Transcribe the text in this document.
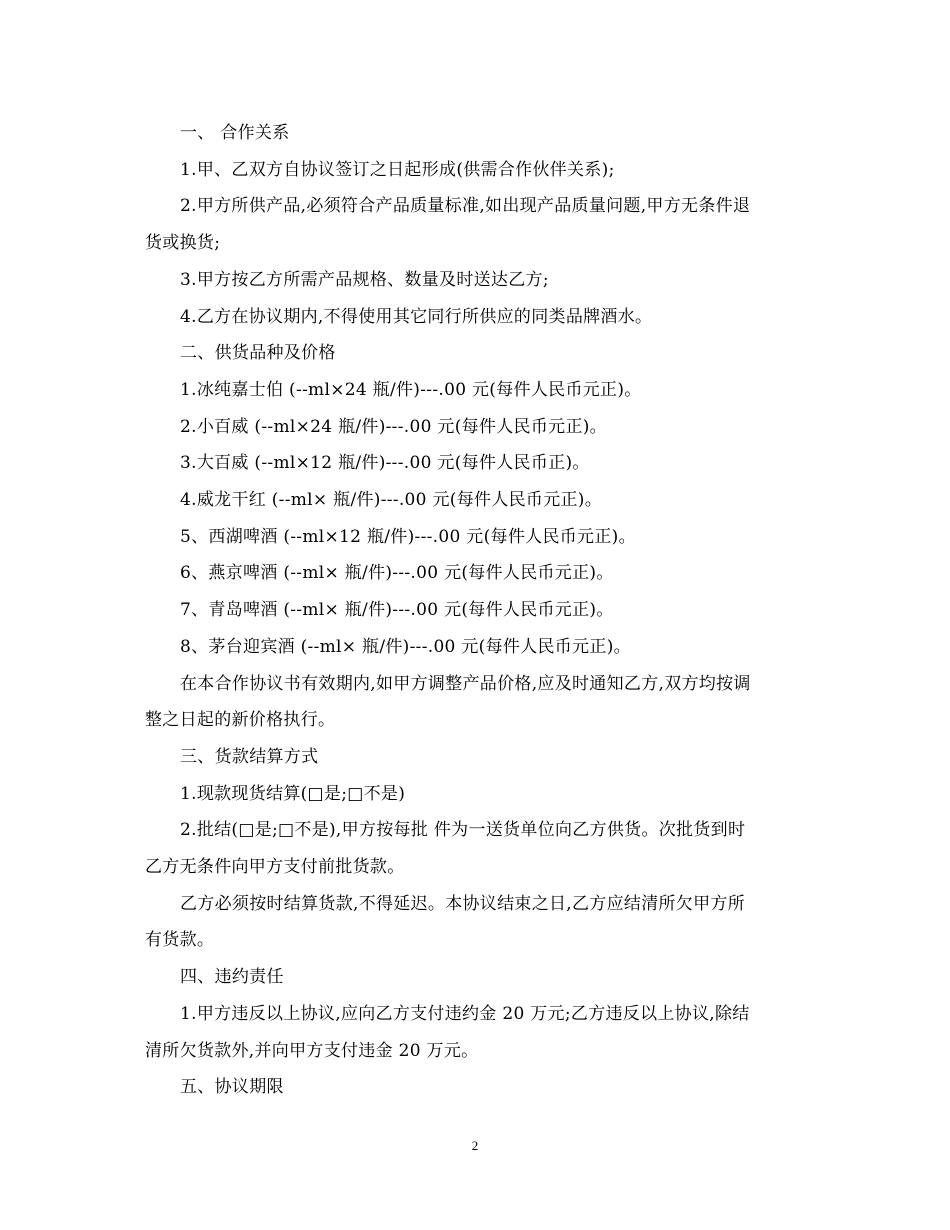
一、 合作关系
1.甲、乙双方自协议签订之日起形成(供需合作伙伴关系);
2.甲方所供产品,必须符合产品质量标准,如出现产品质量问题,甲方无条件退
货或换货;
3.甲方按乙方所需产品规格、数量及时送达乙方;
4.乙方在协议期内,不得使用其它同行所供应的同类品牌酒水。
二、供货品种及价格
1.冰纯嘉士伯 (--ml×24 瓶/件)---.00 元(每件人民币元正)。
2.小百威 (--ml×24 瓶/件)---.00 元(每件人民币元正)。
3.大百威 (--ml×12 瓶/件)---.00 元(每件人民币正)。
4.威龙干红 (--ml× 瓶/件)---.00 元(每件人民币元正)。
5、西湖啤酒 (--ml×12 瓶/件)---.00 元(每件人民币元正)。
6、燕京啤酒 (--ml× 瓶/件)---.00 元(每件人民币元正)。
7、青岛啤酒 (--ml× 瓶/件)---.00 元(每件人民币元正)。
8、茅台迎宾酒 (--ml× 瓶/件)---.00 元(每件人民币元正)。
在本合作协议书有效期内,如甲方调整产品价格,应及时通知乙方,双方均按调
整之日起的新价格执行。
三、货款结算方式
1.现款现货结算(□是;□不是)
2.批结(□是;□不是),甲方按每批 件为一送货单位向乙方供货。次批货到时
乙方无条件向甲方支付前批货款。
乙方必须按时结算货款,不得延迟。本协议结束之日,乙方应结清所欠甲方所
有货款。
四、违约责任
1.甲方违反以上协议,应向乙方支付违约金 20 万元;乙方违反以上协议,除结
清所欠货款外,并向甲方支付违金 20 万元。
五、协议期限
2
